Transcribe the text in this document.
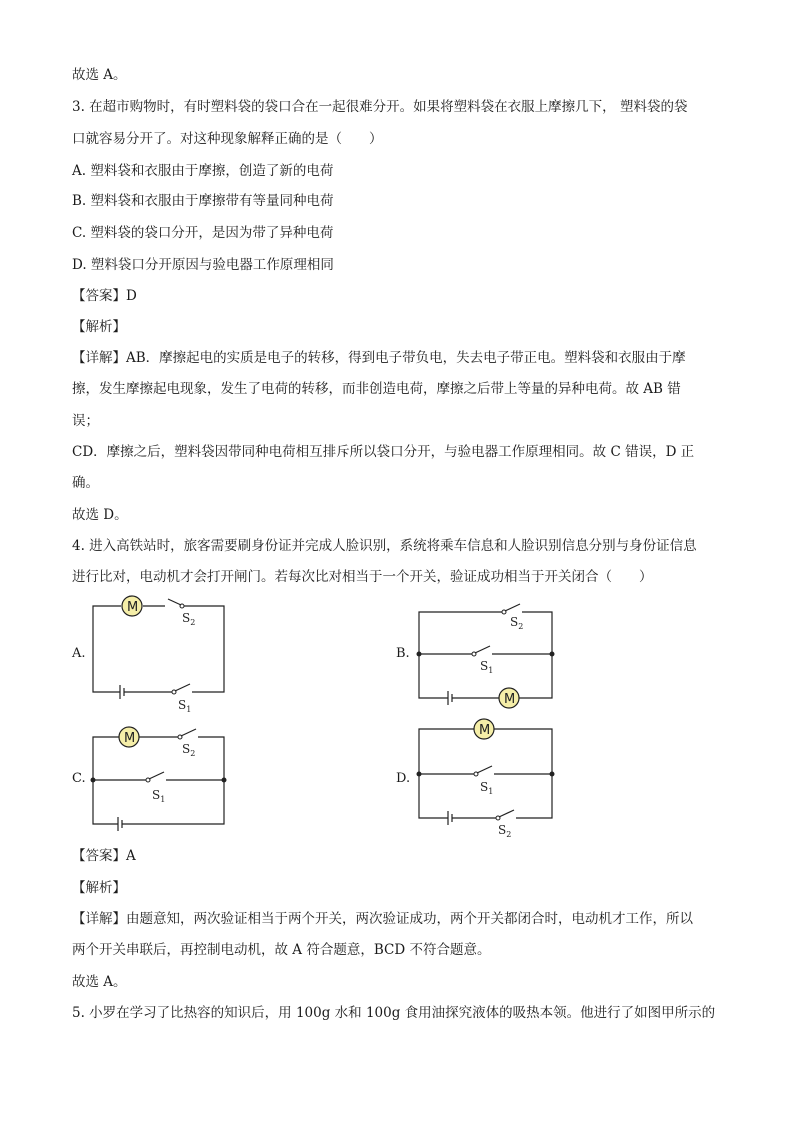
故选 A。
3. 在超市购物时，有时塑料袋的袋口合在一起很难分开。如果将塑料袋在衣服上摩擦几下， 塑料袋的袋
口就容易分开了。对这种现象解释正确的是（　　）
A. 塑料袋和衣服由于摩擦，创造了新的电荷
B. 塑料袋和衣服由于摩擦带有等量同种电荷
C. 塑料袋的袋口分开，是因为带了异种电荷
D. 塑料袋口分开原因与验电器工作原理相同
【答案】D
【解析】
【详解】AB．摩擦起电的实质是电子的转移，得到电子带负电，失去电子带正电。塑料袋和衣服由于摩
擦，发生摩擦起电现象，发生了电荷的转移，而非创造电荷，摩擦之后带上等量的异种电荷。故 AB 错
误；
CD．摩擦之后，塑料袋因带同种电荷相互排斥所以袋口分开，与验电器工作原理相同。故 C 错误，D 正
确。
故选 D。
4. 进入高铁站时，旅客需要刷身份证并完成人脸识别，系统将乘车信息和人脸识别信息分别与身份证信息
进行比对，电动机才会打开闸门。若每次比对相当于一个开关，验证成功相当于开关闭合（　　）
A.	B.
C.	D.
M
$S_2$
$S_1$
M
$S_2$
$S_1$
M
$S_2$
$S_1$
M
$S_1$
$S_2$
【答案】A
【解析】
【详解】由题意知，两次验证相当于两个开关，两次验证成功，两个开关都闭合时，电动机才工作，所以
两个开关串联后，再控制电动机，故 A 符合题意，BCD 不符合题意。
故选 A。
5. 小罗在学习了比热容的知识后，用 100g 水和 100g 食用油探究液体的吸热本领。他进行了如图甲所示的
